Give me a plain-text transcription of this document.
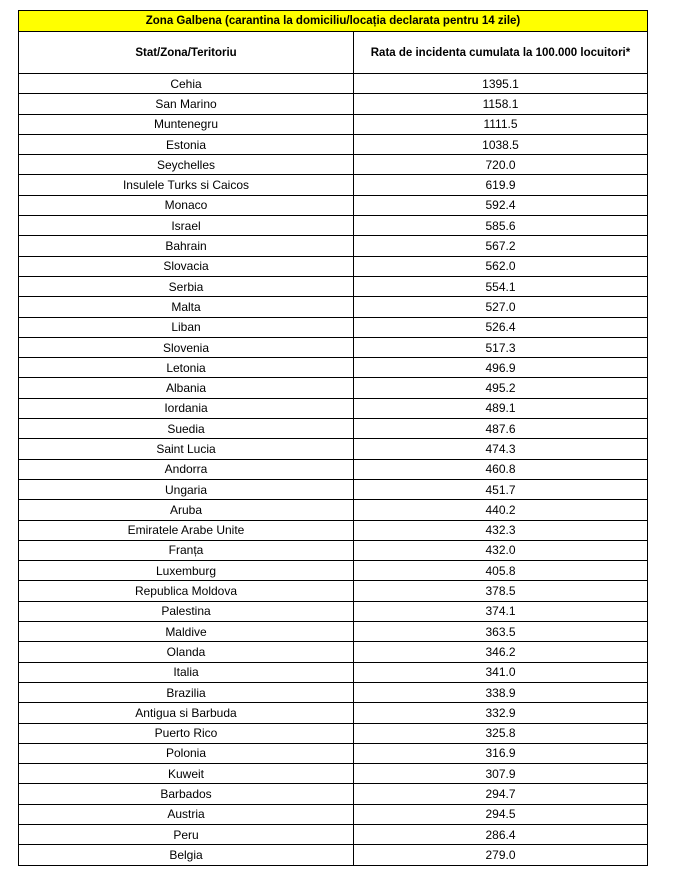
Zona Galbena (carantina la domiciliu/locația declarata pentru 14 zile)	
Stat/Zona/Teritoriu	Rata de incidenta cumulata la 100.000 locuitori*
Cehia	1395.1
San Marino	1158.1
Muntenegru	1111.5
Estonia	1038.5
Seychelles	720.0
Insulele Turks si Caicos	619.9
Monaco	592.4
Israel	585.6
Bahrain	567.2
Slovacia	562.0
Serbia	554.1
Malta	527.0
Liban	526.4
Slovenia	517.3
Letonia	496.9
Albania	495.2
Iordania	489.1
Suedia	487.6
Saint Lucia	474.3
Andorra	460.8
Ungaria	451.7
Aruba	440.2
Emiratele Arabe Unite	432.3
Franța	432.0
Luxemburg	405.8
Republica Moldova	378.5
Palestina	374.1
Maldive	363.5
Olanda	346.2
Italia	341.0
Brazilia	338.9
Antigua si Barbuda	332.9
Puerto Rico	325.8
Polonia	316.9
Kuweit	307.9
Barbados	294.7
Austria	294.5
Peru	286.4
Belgia	279.0
